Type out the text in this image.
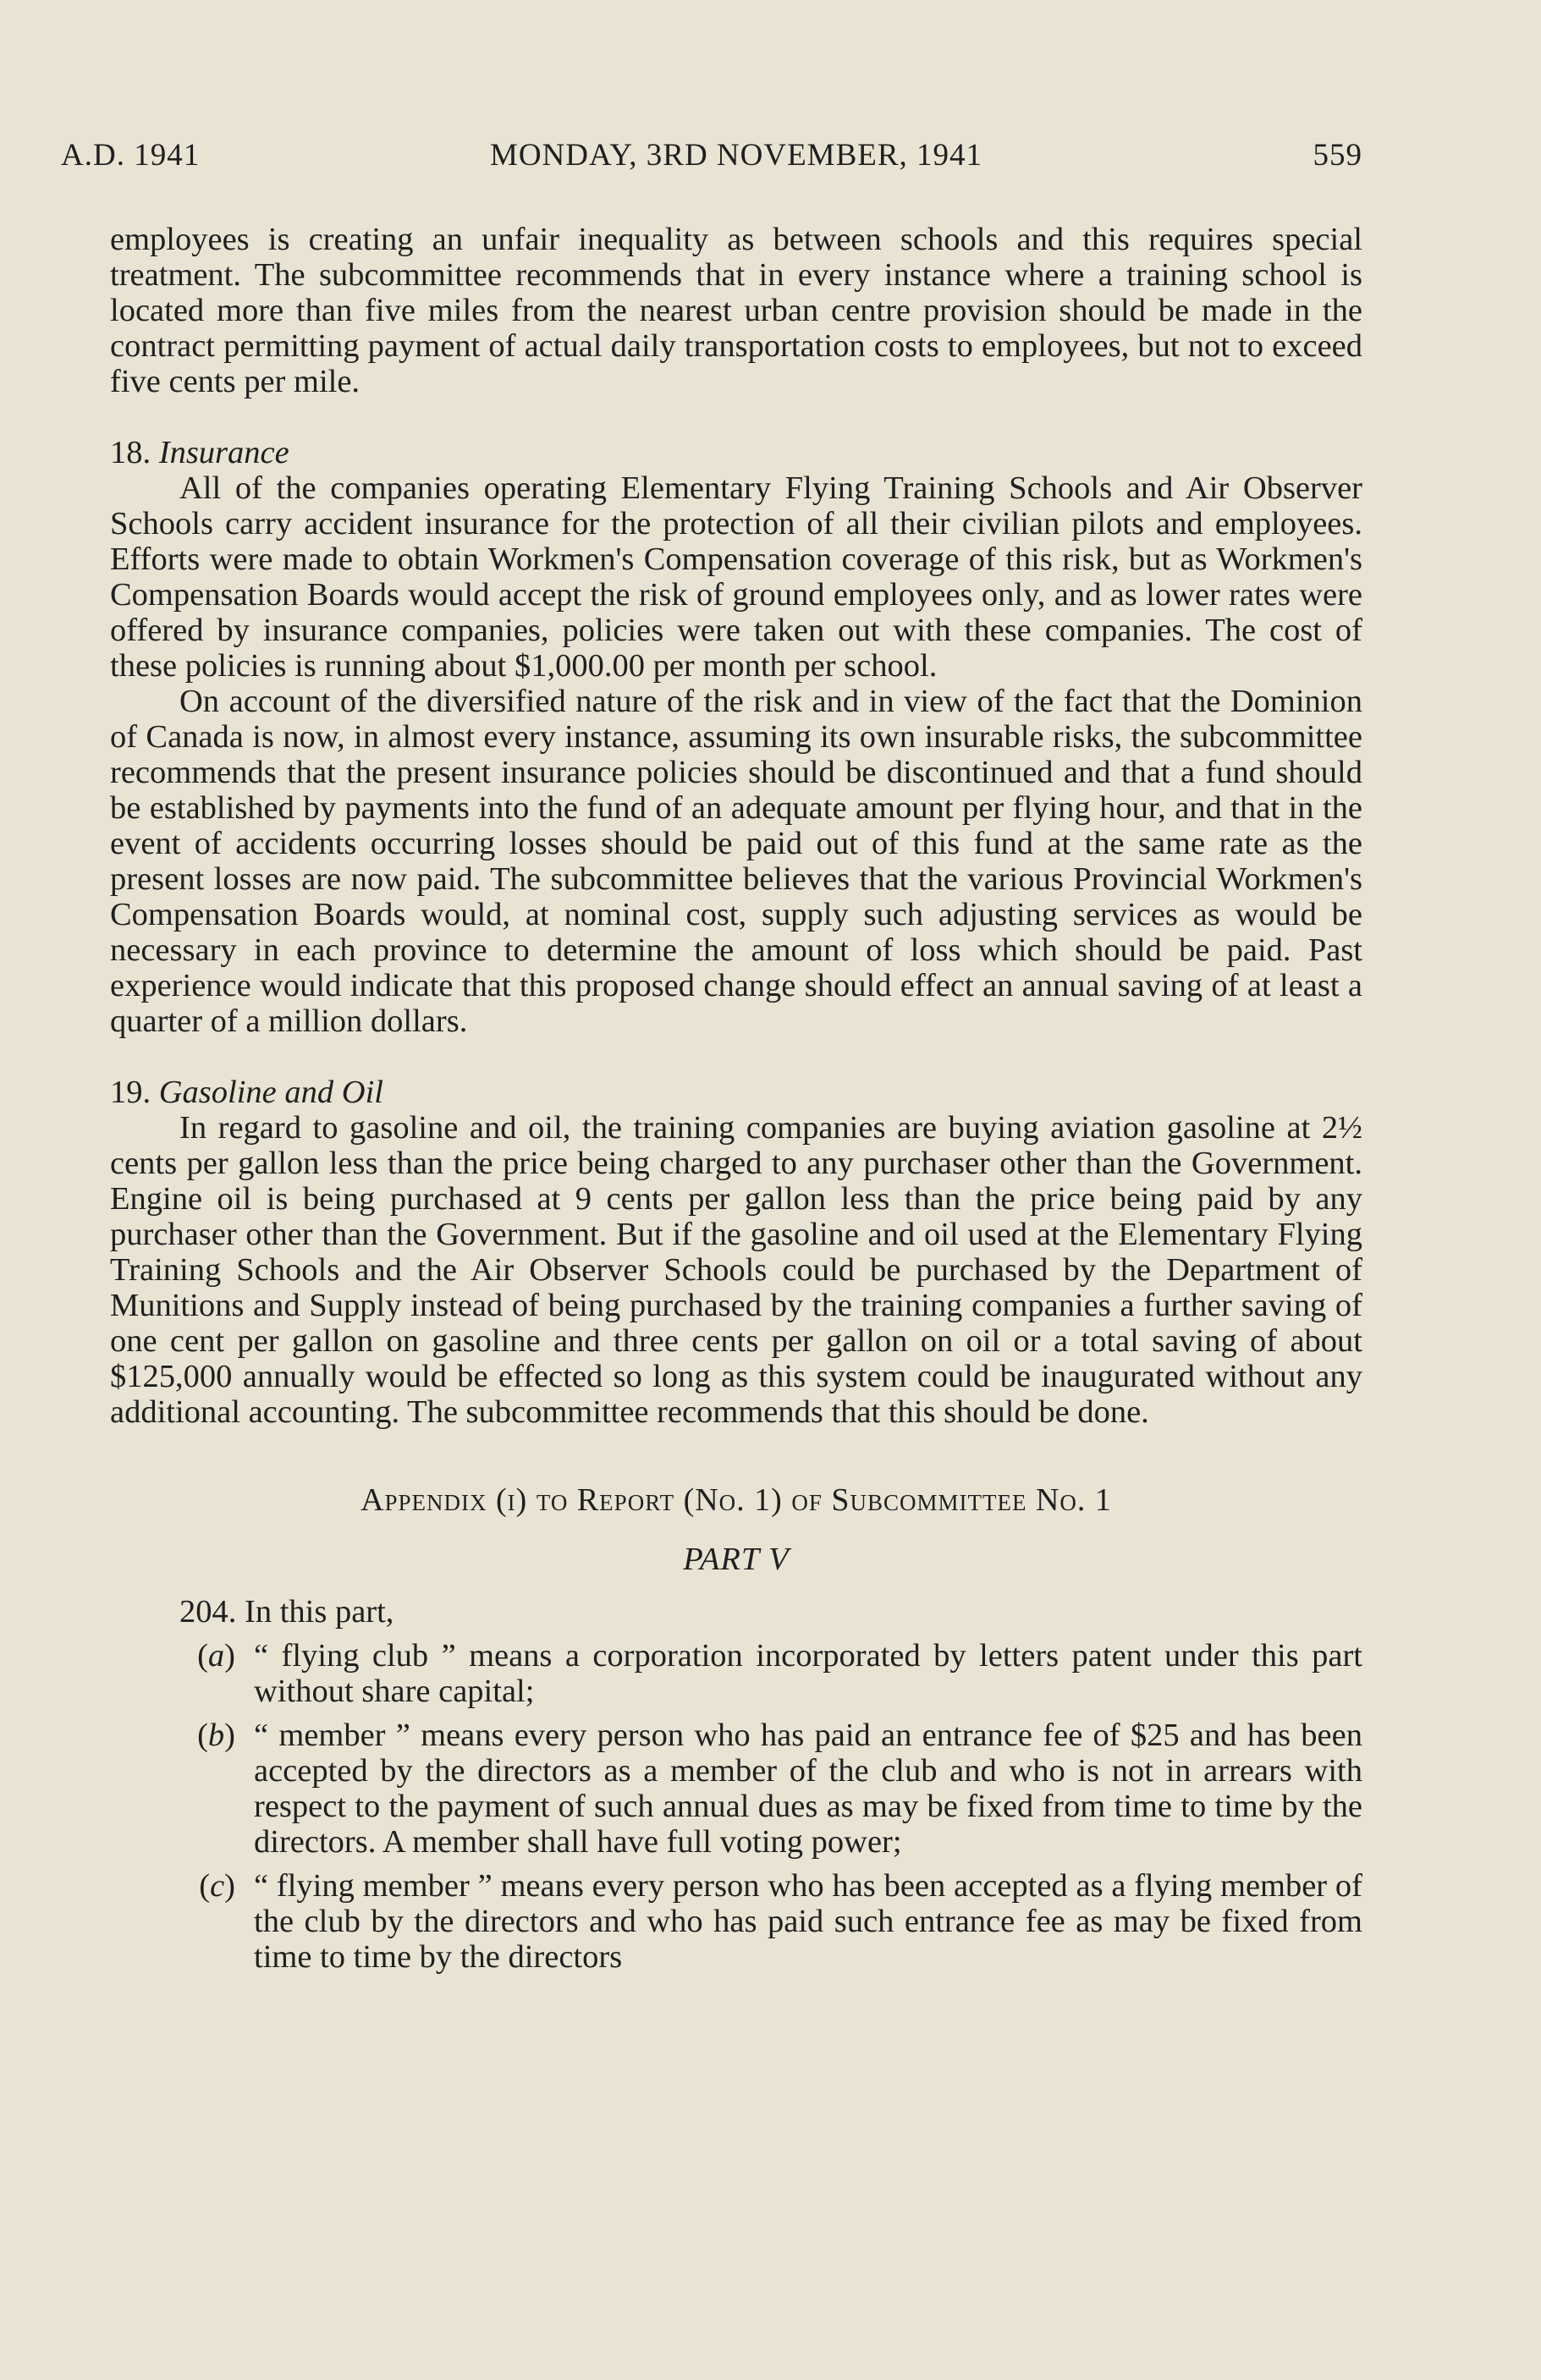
A.D. 1941	MONDAY, 3RD NOVEMBER, 1941	559

employees is creating an unfair inequality as between schools and this requires special treatment. The subcommittee recommends that in every instance where a training school is located more than five miles from the nearest urban centre provision should be made in the contract permitting payment of actual daily transportation costs to employees, but not to exceed five cents per mile.

18. Insurance

All of the companies operating Elementary Flying Training Schools and Air Observer Schools carry accident insurance for the protection of all their civilian pilots and employees. Efforts were made to obtain Workmen's Compensation coverage of this risk, but as Workmen's Compensation Boards would accept the risk of ground employees only, and as lower rates were offered by insurance companies, policies were taken out with these companies. The cost of these policies is running about $1,000.00 per month per school.

On account of the diversified nature of the risk and in view of the fact that the Dominion of Canada is now, in almost every instance, assuming its own insurable risks, the subcommittee recommends that the present insurance policies should be discontinued and that a fund should be established by payments into the fund of an adequate amount per flying hour, and that in the event of accidents occurring losses should be paid out of this fund at the same rate as the present losses are now paid. The subcommittee believes that the various Provincial Workmen's Compensation Boards would, at nominal cost, supply such adjusting services as would be necessary in each province to determine the amount of loss which should be paid. Past experience would indicate that this proposed change should effect an annual saving of at least a quarter of a million dollars.

19. Gasoline and Oil

In regard to gasoline and oil, the training companies are buying aviation gasoline at 2½ cents per gallon less than the price being charged to any purchaser other than the Government. Engine oil is being purchased at 9 cents per gallon less than the price being paid by any purchaser other than the Government. But if the gasoline and oil used at the Elementary Flying Training Schools and the Air Observer Schools could be purchased by the Department of Munitions and Supply instead of being purchased by the training companies a further saving of one cent per gallon on gasoline and three cents per gallon on oil or a total saving of about $125,000 annually would be effected so long as this system could be inaugurated without any additional accounting. The subcommittee recommends that this should be done.

Appendix (i) to Report (No. 1) of Subcommittee No. 1
PART V
204. In this part,
(a) “ flying club ” means a corporation incorporated by letters patent under this part without share capital;
(b) “ member ” means every person who has paid an entrance fee of $25 and has been accepted by the directors as a member of the club and who is not in arrears with respect to the payment of such annual dues as may be fixed from time to time by the directors. A member shall have full voting power;
(c) “ flying member ” means every person who has been accepted as a flying member of the club by the directors and who has paid such entrance fee as may be fixed from time to time by the directors
